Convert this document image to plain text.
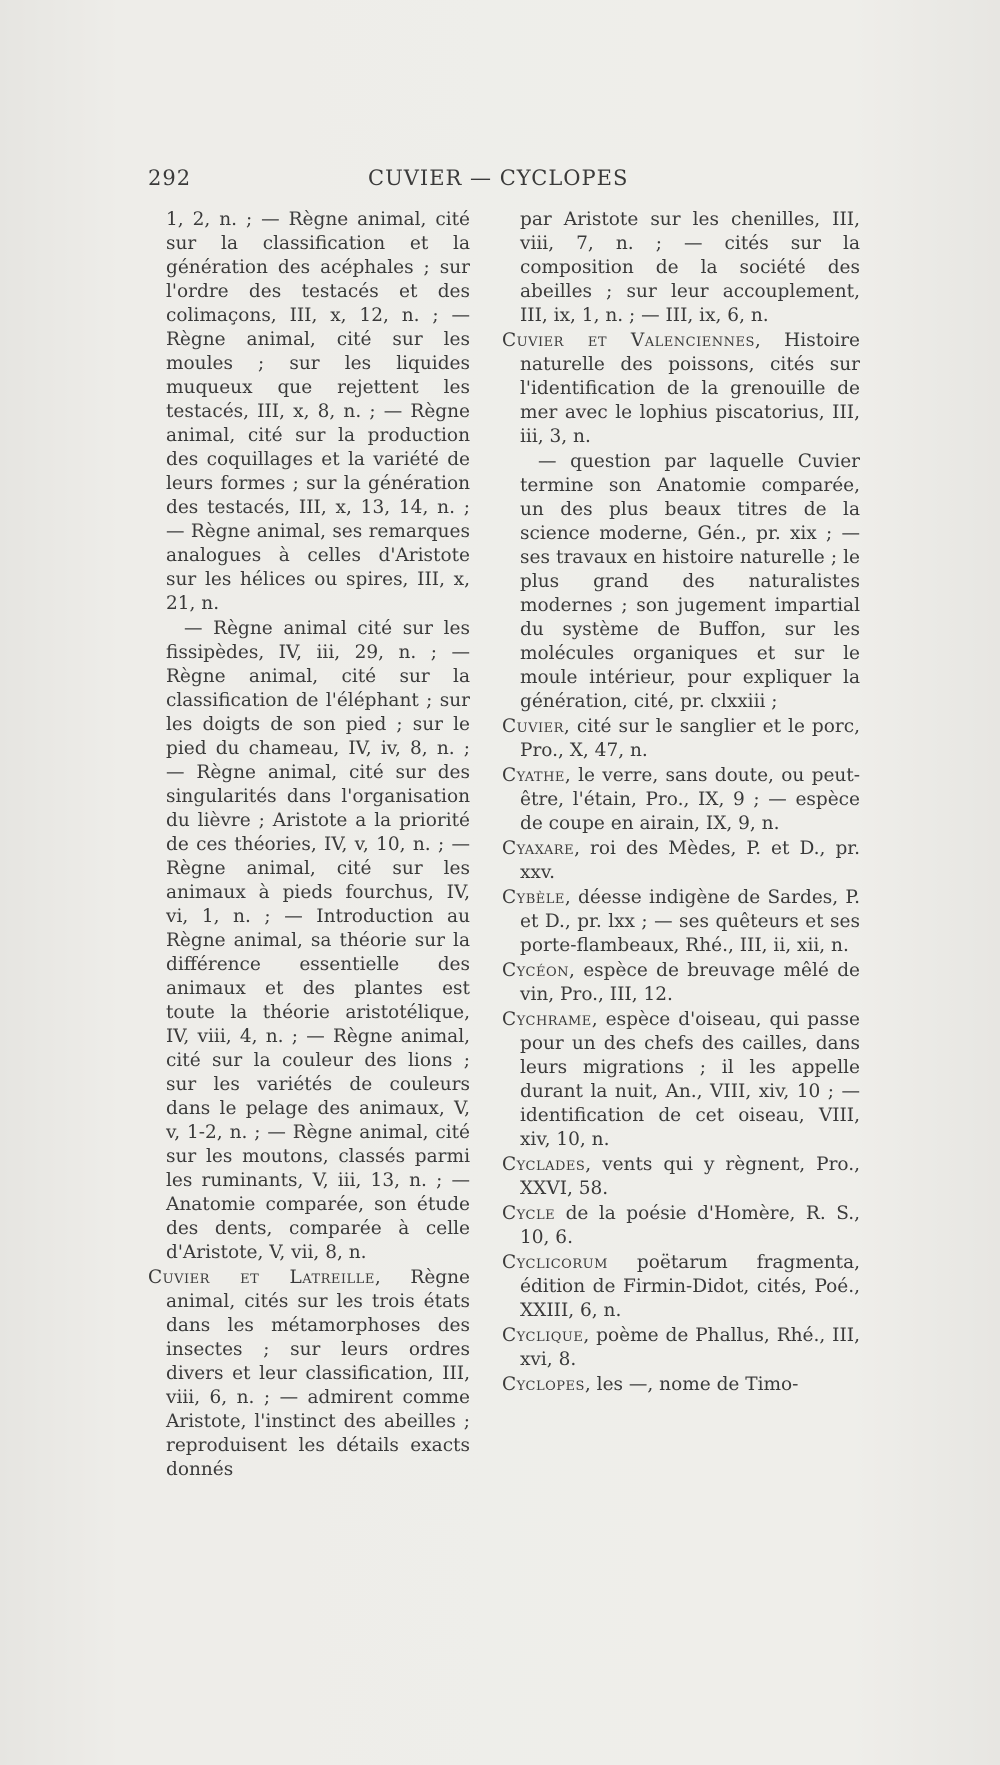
292	CUVIER — CYCLOPES

1, 2, n. ; — Règne animal, cité sur la classification et la génération des acéphales ; sur l'ordre des testacés et des colimaçons, III, x, 12, n. ; — Règne animal, cité sur les moules ; sur les liquides muqueux que rejettent les testacés, III, x, 8, n. ; — Règne animal, cité sur la production des coquillages et la variété de leurs formes ; sur la génération des testacés, III, x, 13, 14, n. ; — Règne animal, ses remarques analogues à celles d'Aristote sur les hélices ou spires, III, x, 21, n.

— Règne animal cité sur les fissipèdes, IV, iii, 29, n. ; — Règne animal, cité sur la classification de l'éléphant ; sur les doigts de son pied ; sur le pied du chameau, IV, iv, 8, n. ; — Règne animal, cité sur des singularités dans l'organisation du lièvre ; Aristote a la priorité de ces théories, IV, v, 10, n. ; — Règne animal, cité sur les animaux à pieds fourchus, IV, vi, 1, n. ; — Introduction au Règne animal, sa théorie sur la différence essentielle des animaux et des plantes est toute la théorie aristotélique, IV, viii, 4, n. ; — Règne animal, cité sur la couleur des lions ; sur les variétés de couleurs dans le pelage des animaux, V, v, 1-2, n. ; — Règne animal, cité sur les moutons, classés parmi les ruminants, V, iii, 13, n. ; — Anatomie comparée, son étude des dents, comparée à celle d'Aristote, V, vii, 8, n.

Cuvier et Latreille, Règne animal, cités sur les trois états dans les métamorphoses des insectes ; sur leurs ordres divers et leur classification, III, viii, 6, n. ; — admirent comme Aristote, l'instinct des abeilles ; reproduisent les détails exacts donnés

par Aristote sur les chenilles, III, viii, 7, n. ; — cités sur la composition de la société des abeilles ; sur leur accouplement, III, ix, 1, n. ; — III, ix, 6, n.

Cuvier et Valenciennes, Histoire naturelle des poissons, cités sur l'identification de la grenouille de mer avec le lophius piscatorius, III, iii, 3, n.

— question par laquelle Cuvier termine son Anatomie comparée, un des plus beaux titres de la science moderne, Gén., pr. xix ; — ses travaux en histoire naturelle ; le plus grand des naturalistes modernes ; son jugement impartial du système de Buffon, sur les molécules organiques et sur le moule intérieur, pour expliquer la génération, cité, pr. clxxiii ;

Cuvier, cité sur le sanglier et le porc, Pro., X, 47, n.

Cyathe, le verre, sans doute, ou peut-être, l'étain, Pro., IX, 9 ; — espèce de coupe en airain, IX, 9, n.

Cyaxare, roi des Mèdes, P. et D., pr. xxv.

Cybèle, déesse indigène de Sardes, P. et D., pr. lxx ; — ses quêteurs et ses porte-flambeaux, Rhé., III, ii, xii, n.

Cycéon, espèce de breuvage mêlé de vin, Pro., III, 12.

Cychrame, espèce d'oiseau, qui passe pour un des chefs des cailles, dans leurs migrations ; il les appelle durant la nuit, An., VIII, xiv, 10 ; — identification de cet oiseau, VIII, xiv, 10, n.

Cyclades, vents qui y règnent, Pro., XXVI, 58.

Cycle de la poésie d'Homère, R. S., 10, 6.

Cyclicorum poëtarum fragmenta, édition de Firmin-Didot, cités, Poé., XXIII, 6, n.

Cyclique, poème de Phallus, Rhé., III, xvi, 8.

Cyclopes, les —, nome de Timo-
